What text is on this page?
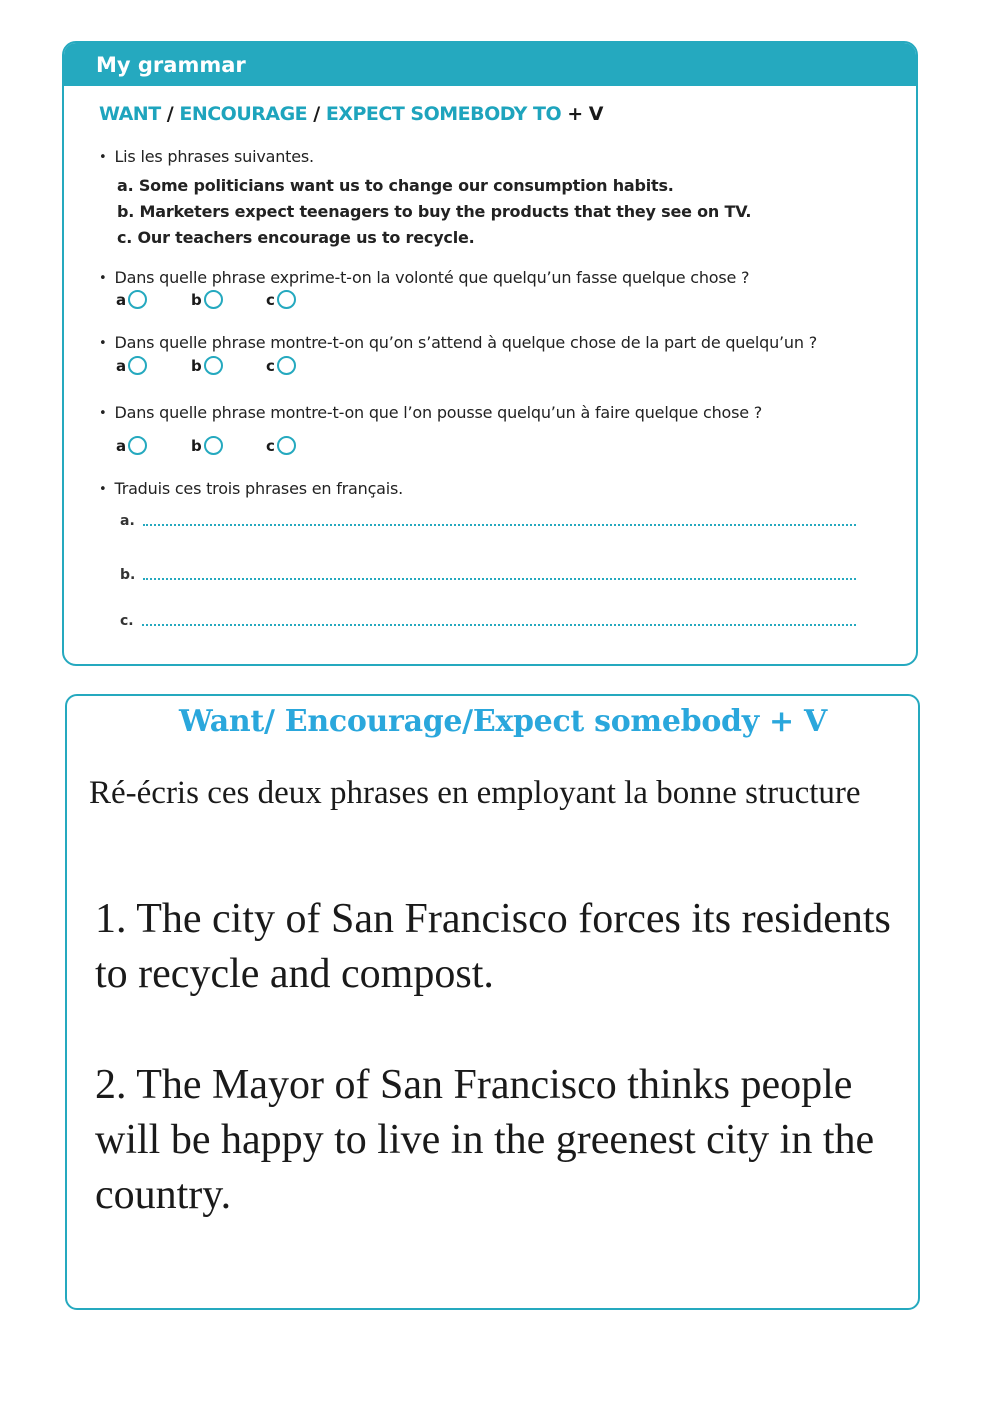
My grammar
WANT / ENCOURAGE / EXPECT SOMEBODY TO + V
• Lis les phrases suivantes.
a. Some politicians want us to change our consumption habits.
b. Marketers expect teenagers to buy the products that they see on TV.
c. Our teachers encourage us to recycle.
• Dans quelle phrase exprime-t-on la volonté que quelqu’un fasse quelque chose ?
a	b	c
• Dans quelle phrase montre-t-on qu’on s’attend à quelque chose de la part de quelqu’un ?
a	b	c
• Dans quelle phrase montre-t-on que l’on pousse quelqu’un à faire quelque chose ?
a	b	c
• Traduis ces trois phrases en français.
a.
b.
c.
Want/ Encourage/Expect somebody + V
Ré-écris ces deux phrases en employant la bonne structure
1. The city of San Francisco forces its residents to recycle and compost.
2. The Mayor of San Francisco thinks people will be happy to live in the greenest city in the country.
